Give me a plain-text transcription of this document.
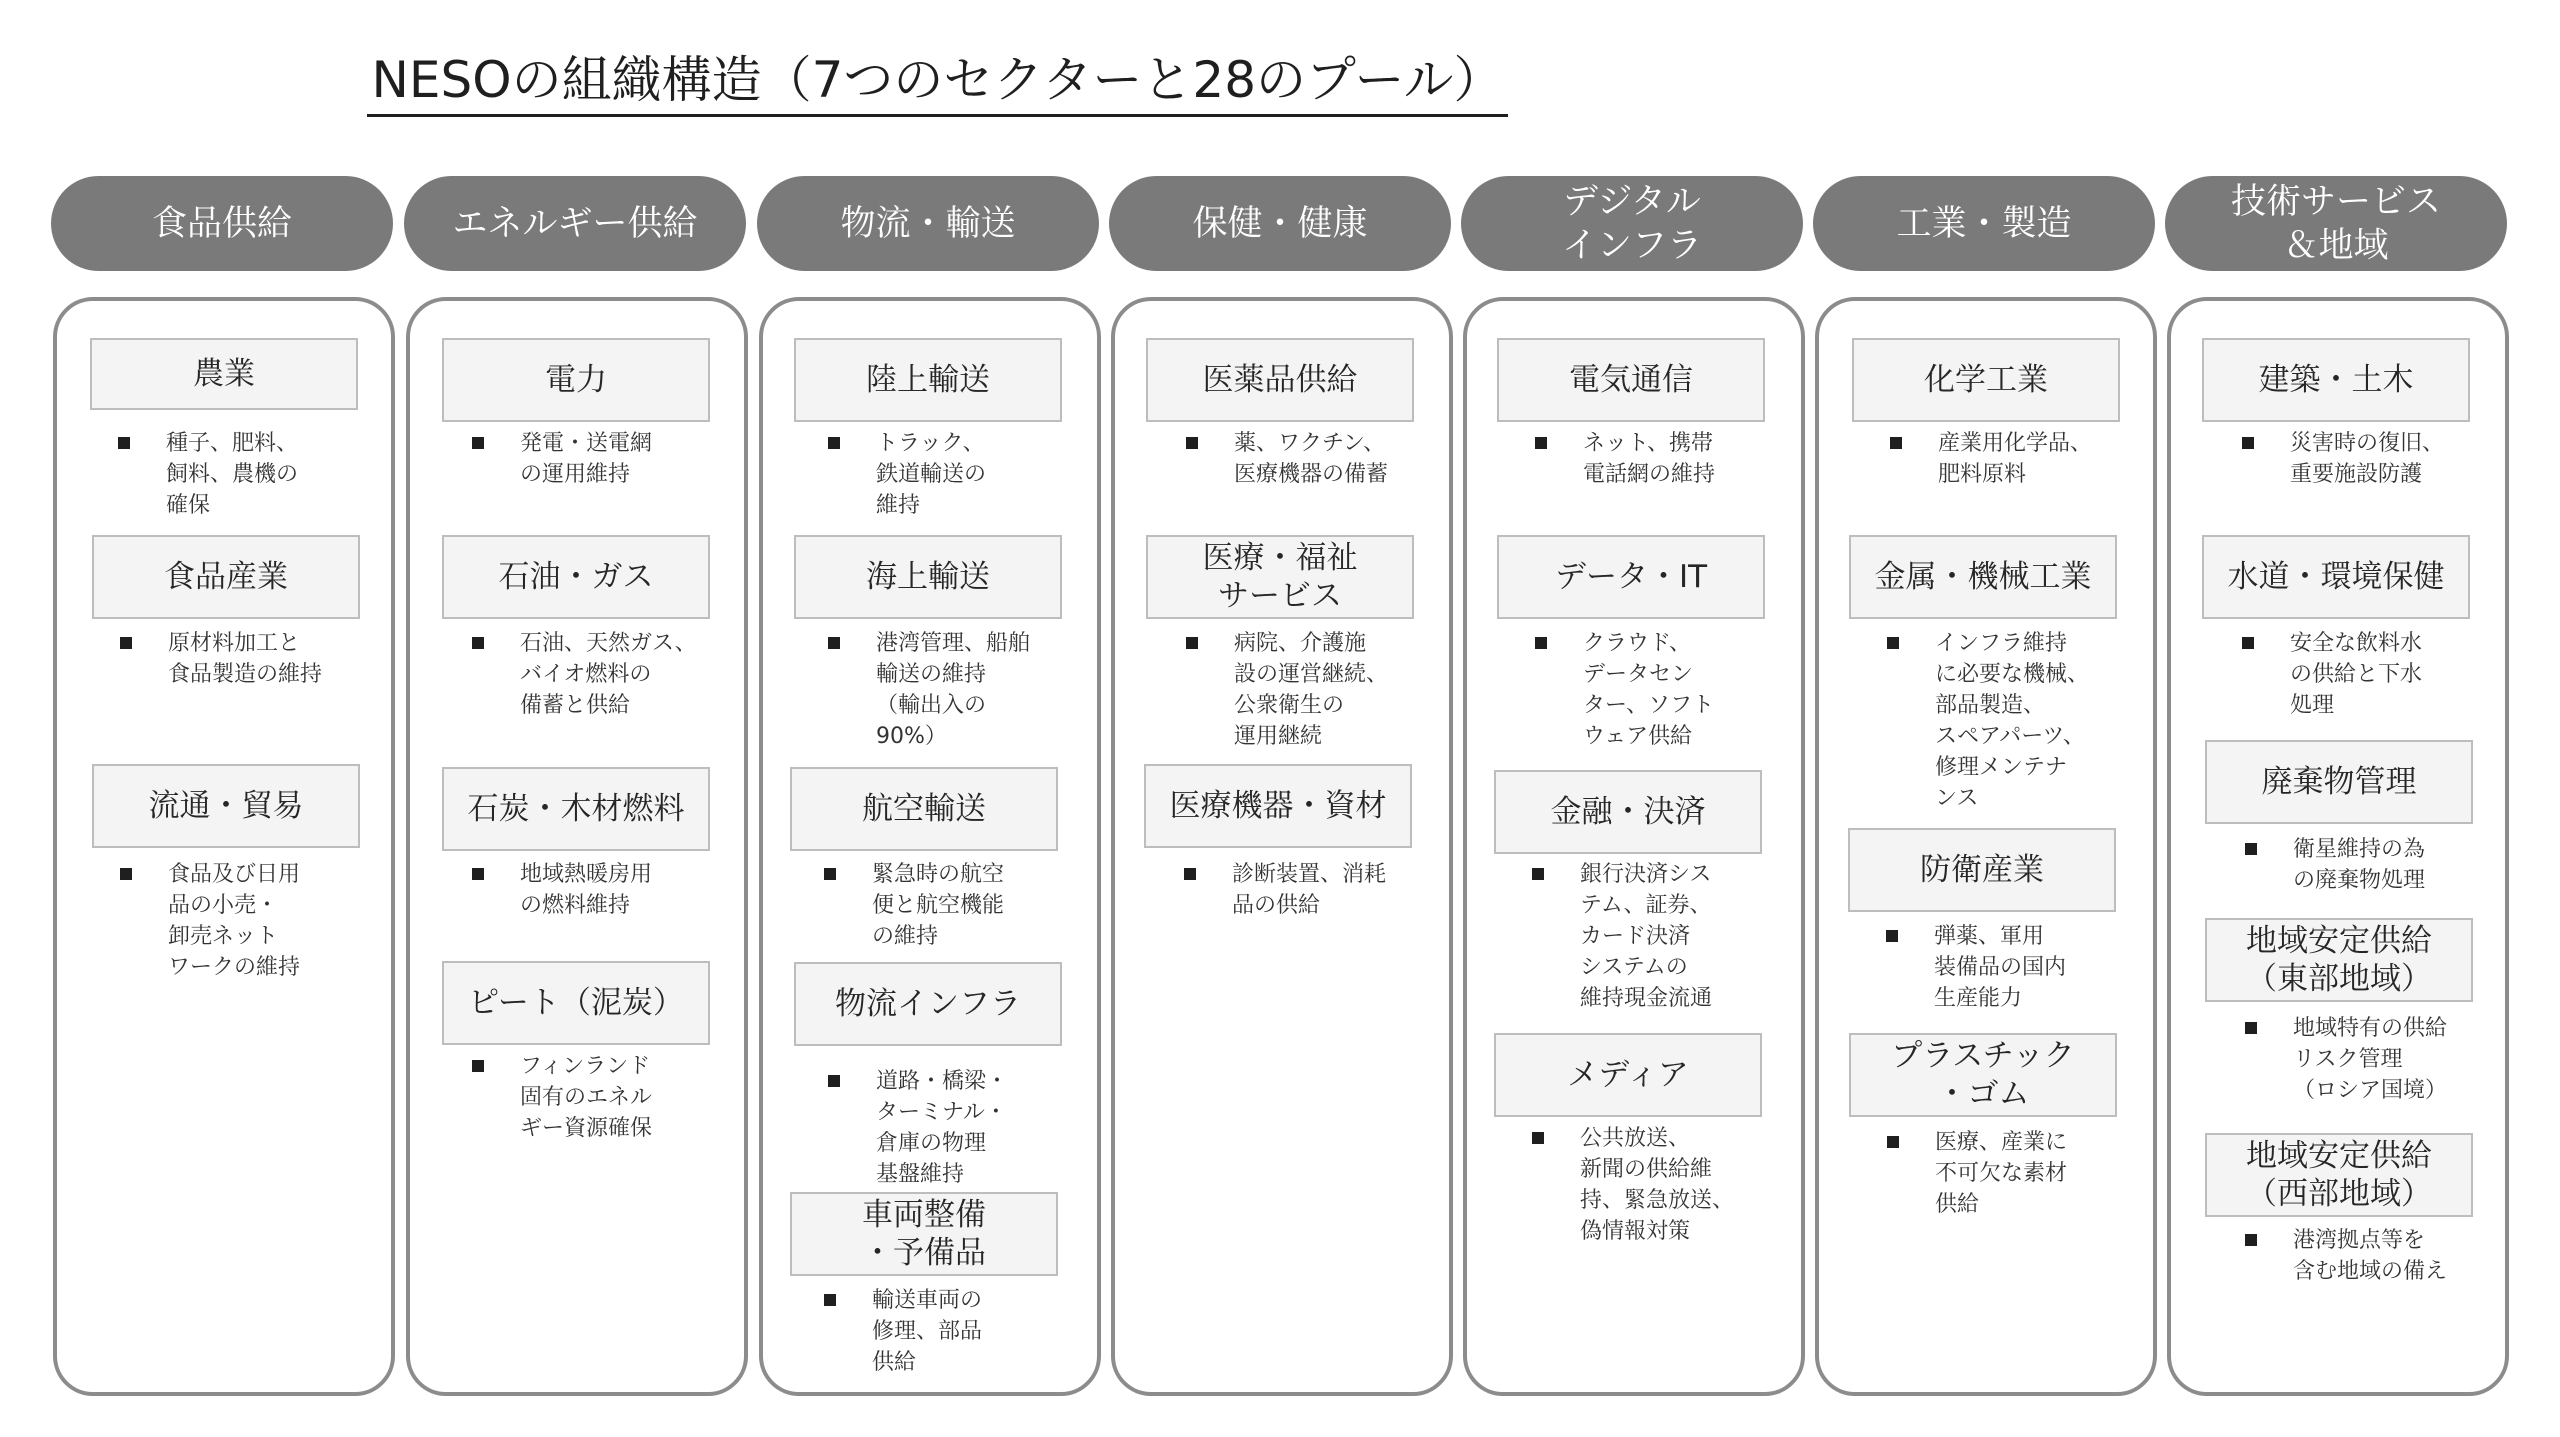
NESOの組織構造（7つのセクターと28のプール）
食品供給
農業
種子、肥料、
飼料、農機の
確保
食品産業
原材料加工と
食品製造の維持
流通・貿易
食品及び日用
品の小売・
卸売ネット
ワークの維持
エネルギー供給
電力
発電・送電網
の運用維持
石油・ガス
石油、天然ガス、
バイオ燃料の
備蓄と供給
石炭・木材燃料
地域熱暖房用
の燃料維持
ピート（泥炭）
フィンランド
固有のエネル
ギー資源確保
物流・輸送
陸上輸送
トラック、
鉄道輸送の
維持
海上輸送
港湾管理、船舶
輸送の維持
（輸出入の
90%）
航空輸送
緊急時の航空
便と航空機能
の維持
物流インフラ
道路・橋梁・
ターミナル・
倉庫の物理
基盤維持
車両整備
・予備品
輸送車両の
修理、部品
供給
保健・健康
医薬品供給
薬、ワクチン、
医療機器の備蓄
医療・福祉
サービス
病院、介護施
設の運営継続、
公衆衛生の
運用継続
医療機器・資材
診断装置、消耗
品の供給
デジタル
インフラ
電気通信
ネット、携帯
電話網の維持
データ・IT
クラウド、
データセン
ター、ソフト
ウェア供給
金融・決済
銀行決済シス
テム、証券、
カード決済
システムの
維持現金流通
メディア
公共放送、
新聞の供給維
持、緊急放送、
偽情報対策
工業・製造
化学工業
産業用化学品、
肥料原料
金属・機械工業
インフラ維持
に必要な機械、
部品製造、
スペアパーツ、
修理メンテナ
ンス
防衛産業
弾薬、軍用
装備品の国内
生産能力
プラスチック
・ゴム
医療、産業に
不可欠な素材
供給
技術サービス
＆地域
建築・土木
災害時の復旧、
重要施設防護
水道・環境保健
安全な飲料水
の供給と下水
処理
廃棄物管理
衛星維持の為
の廃棄物処理
地域安定供給
（東部地域）
地域特有の供給
リスク管理
（ロシア国境）
地域安定供給
（西部地域）
港湾拠点等を
含む地域の備え
